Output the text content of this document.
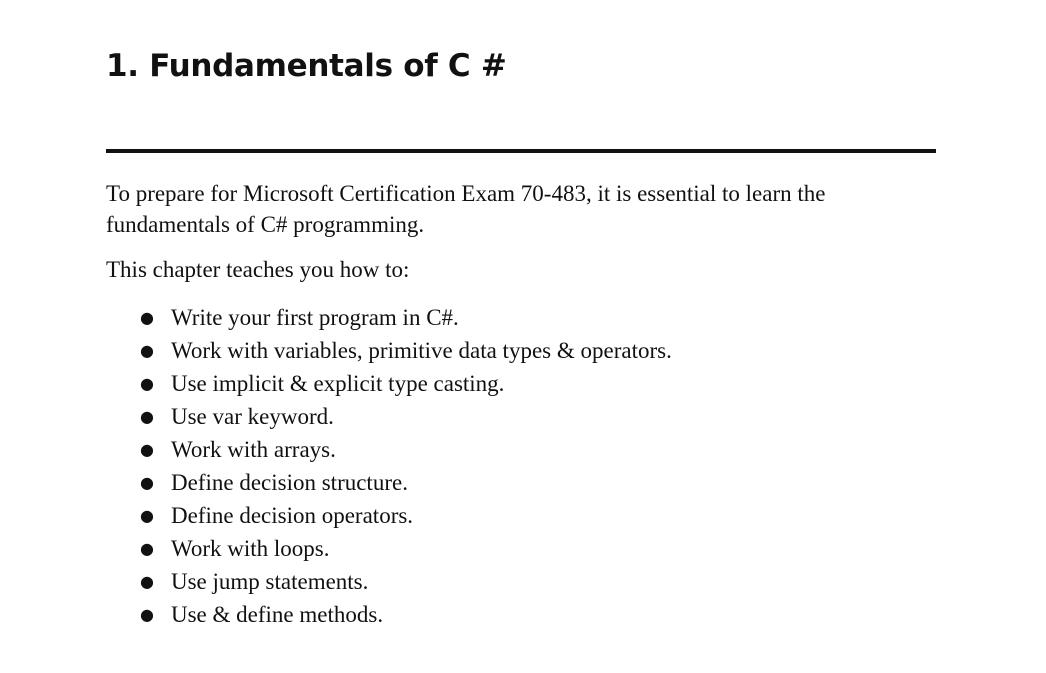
1. Fundamentals of C #

To prepare for Microsoft Certification Exam 70-483, it is essential to learn the fundamentals of C# programming.

This chapter teaches you how to:

● Write your first program in C#.
● Work with variables, primitive data types & operators.
● Use implicit & explicit type casting.
● Use var keyword.
● Work with arrays.
● Define decision structure.
● Define decision operators.
● Work with loops.
● Use jump statements.
● Use & define methods.
